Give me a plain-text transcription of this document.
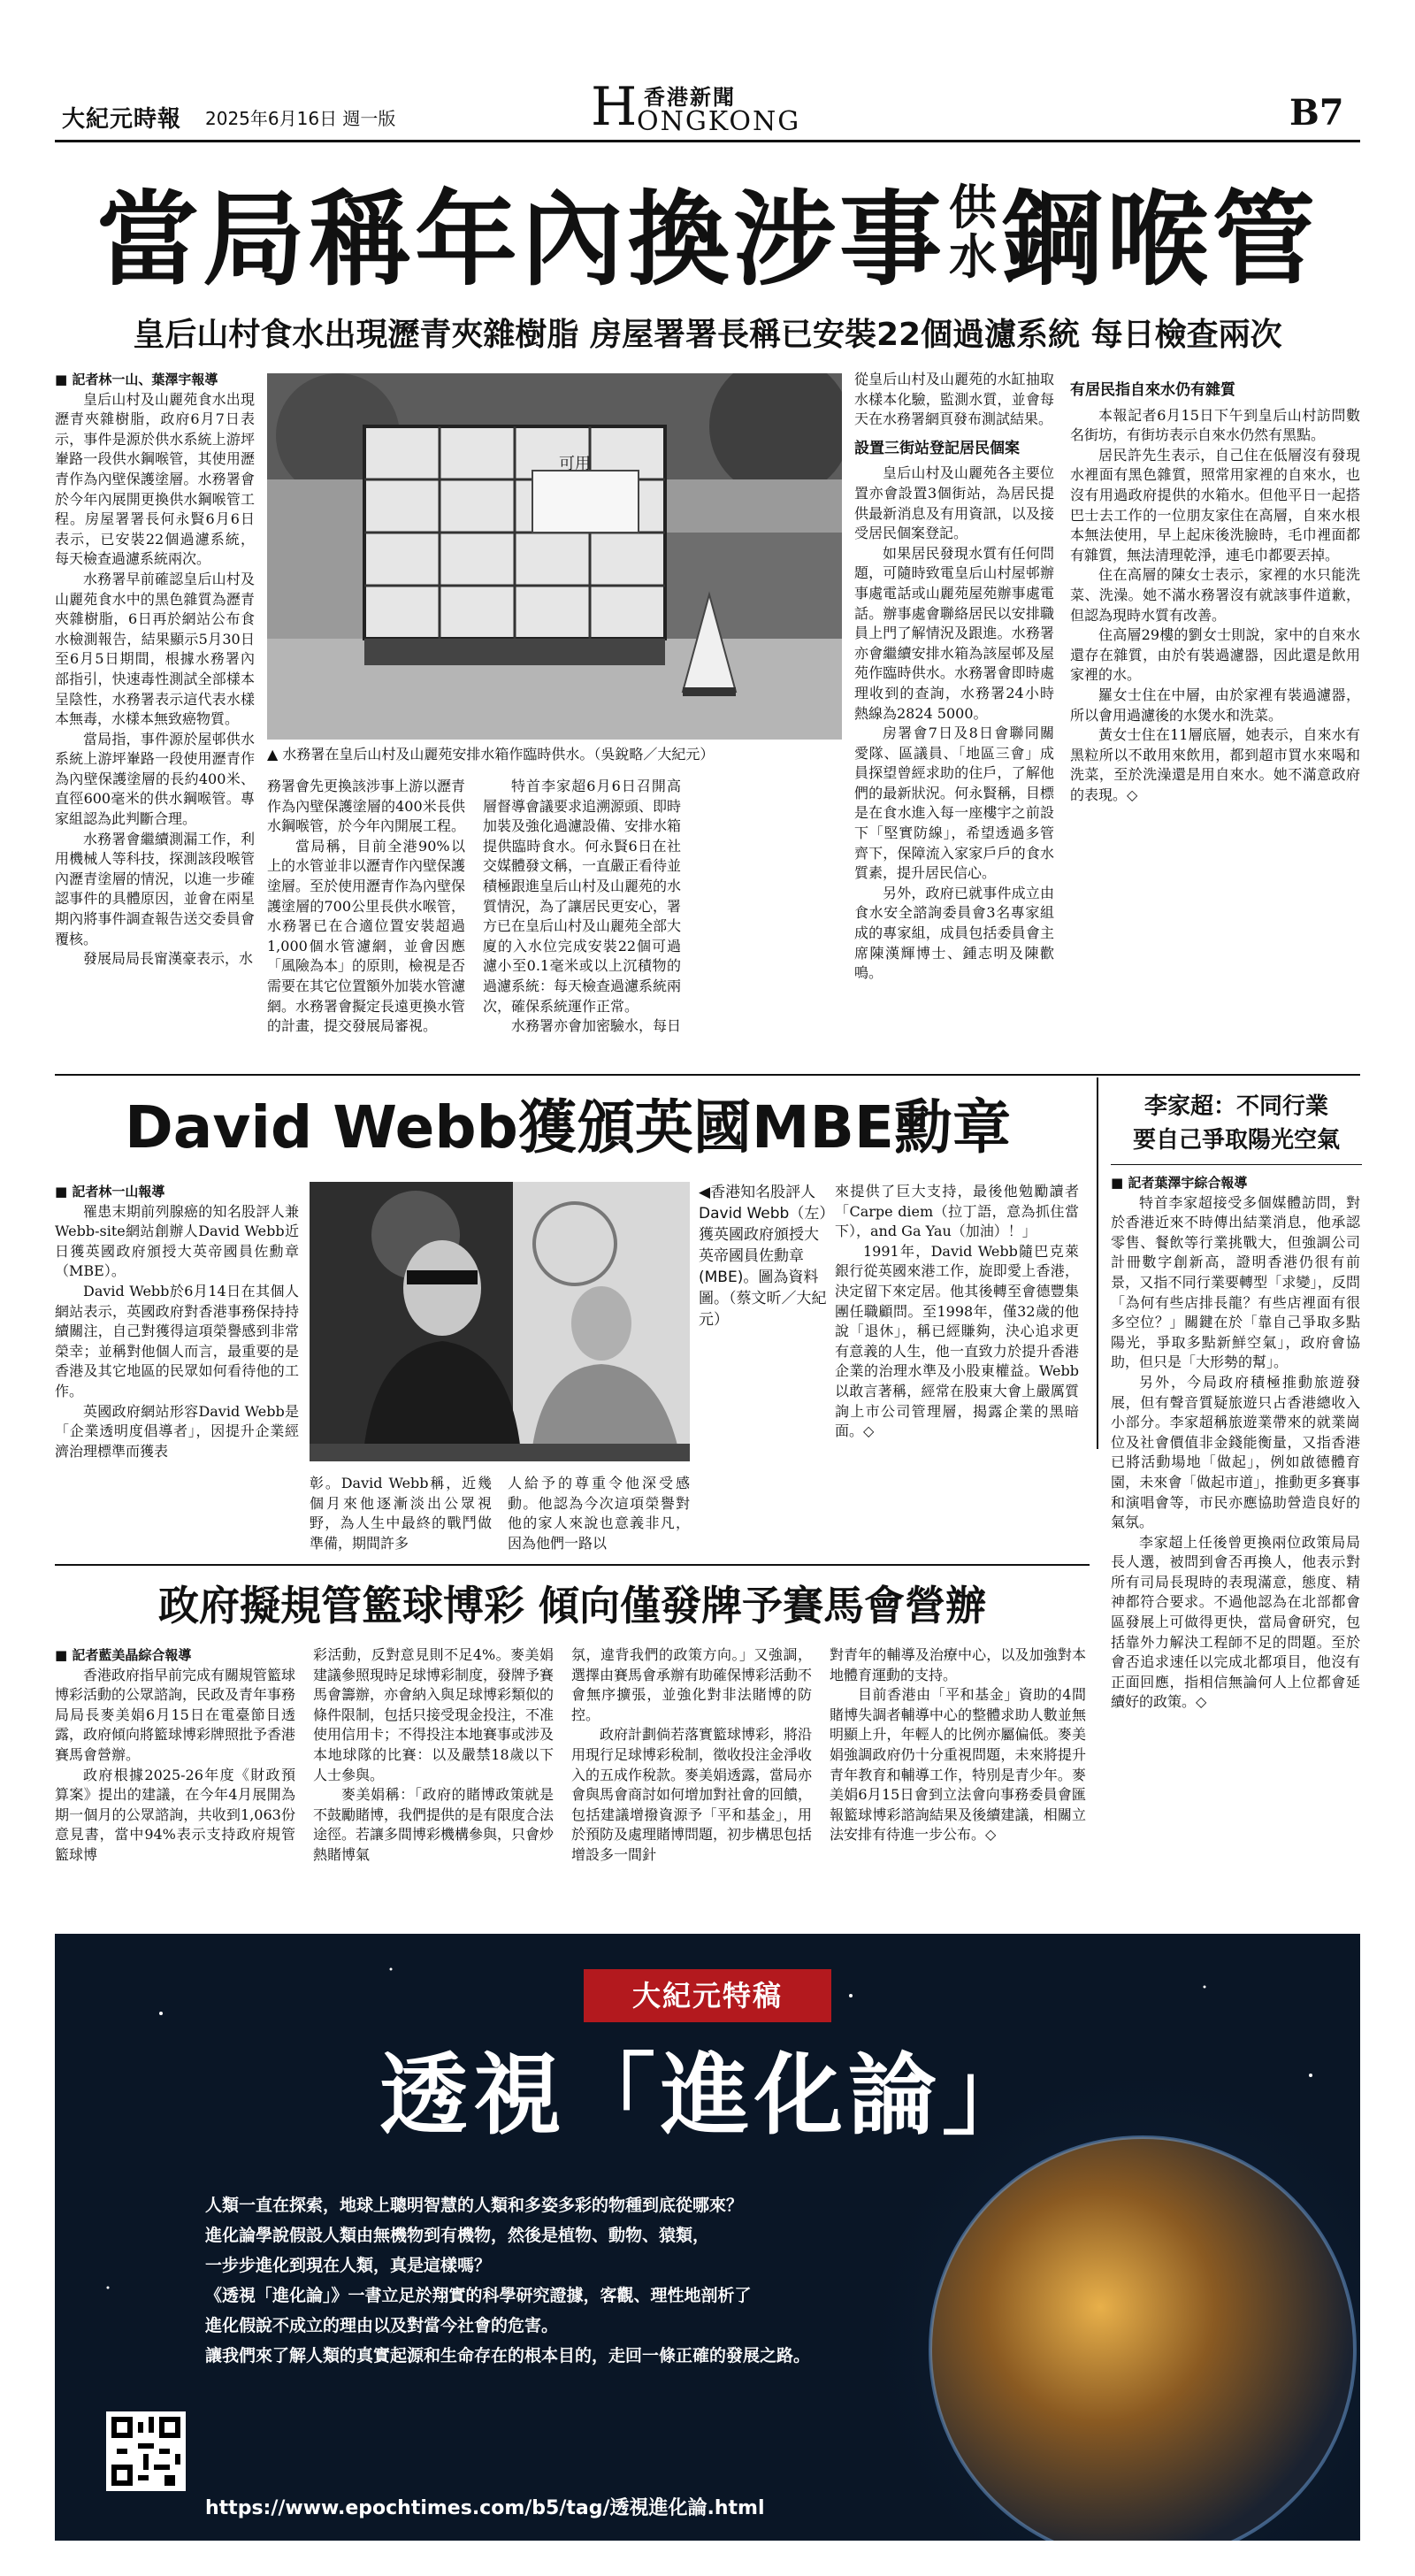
大紀元時報 2025年6月16日 週一版	H 香港新聞
ONGKONG	B7
當局稱年內換涉事 供
水 鋼喉管
皇后山村食水出現瀝青夾雜樹脂 房屋署署長稱已安裝22個過濾系統 每日檢查兩次

■ 記者林一山、葉澤宇報導

皇后山村及山麗苑食水出現瀝青夾雜樹脂，政府6月7日表示，事件是源於供水系統上游坪輋路一段供水鋼喉管，其使用瀝青作為內壁保護塗層。水務署會於今年內展開更換供水鋼喉管工程。房屋署署長何永賢6月6日表示，已安裝22個過濾系統，每天檢查過濾系統兩次。

水務署早前確認皇后山村及山麗苑食水中的黑色雜質為瀝青夾雜樹脂，6日再於網站公布食水檢測報告，結果顯示5月30日至6月5日期間，根據水務署內部指引，快速毒性測試全部樣本呈陰性，水務署表示這代表水樣本無毒，水樣本無致癌物質。

當局指，事件源於屋邨供水系統上游坪輋路一段使用瀝青作為內壁保護塗層的長約400米、直徑600毫米的供水鋼喉管。專家組認為此判斷合理。

水務署會繼續測漏工作，利用機械人等科技，探測該段喉管內瀝青塗層的情況，以進一步確認事件的具體原因，並會在兩星期內將事件調查報告送交委員會覆核。

發展局局長甯漢豪表示，水

可用
▲ 水務署在皇后山村及山麗苑安排水箱作臨時供水。（吳銳略／大紀元）

務署會先更換該涉事上游以瀝青作為內壁保護塗層的400米長供水鋼喉管，於今年內開展工程。

當局稱，目前全港90%以上的水管並非以瀝青作內壁保護塗層。至於使用瀝青作為內壁保護塗層的700公里長供水喉管，水務署已在合適位置安裝超過1,000個水管濾網，並會因應「風險為本」的原則，檢視是否需要在其它位置額外加裝水管濾網。水務署會擬定長遠更換水管的計畫，提交發展局審視。

特首李家超6月6日召開高層督導會議要求追溯源頭、即時加裝及強化過濾設備、安排水箱提供臨時食水。何永賢6日在社交媒體發文稱，一直嚴正看待並積極跟進皇后山村及山麗苑的水質情況，為了讓居民更安心，署方已在皇后山村及山麗苑全部大廈的入水位完成安裝22個可過濾小至0.1毫米或以上沉積物的過濾系統：每天檢查過濾系統兩次，確保系統運作正常。

水務署亦會加密驗水，每日

從皇后山村及山麗苑的水缸抽取水樣本化驗，監測水質，並會每天在水務署網頁發布測試結果。

設置三街站登記居民個案

皇后山村及山麗苑各主要位置亦會設置3個街站，為居民提供最新消息及有用資訊，以及接受居民個案登記。

如果居民發現水質有任何問題，可隨時致電皇后山村屋邨辦事處電話或山麗苑屋苑辦事處電話。辦事處會聯絡居民以安排職員上門了解情況及跟進。水務署亦會繼續安排水箱為該屋邨及屋苑作臨時供水。水務署會即時處理收到的查詢，水務署24小時熱線為2824 5000。

房署會7日及8日會聯同關愛隊、區議員、「地區三會」成員探望曾經求助的住戶，了解他們的最新狀況。何永賢稱，目標是在食水進入每一座樓宇之前設下「堅實防線」，希望透過多管齊下，保障流入家家戶戶的食水質素，提升居民信心。

另外，政府已就事件成立由食水安全諮詢委員會3名專家組成的專家組，成員包括委員會主席陳漢輝博士、鍾志明及陳歡鳴。

有居民指自來水仍有雜質

本報記者6月15日下午到皇后山村訪問數名街坊，有街坊表示自來水仍然有黑點。

居民許先生表示，自己住在低層沒有發現水裡面有黑色雜質，照常用家裡的自來水，也沒有用過政府提供的水箱水。但他平日一起搭巴士去工作的一位朋友家住在高層，自來水根本無法使用，早上起床後洗臉時，毛巾裡面都有雜質，無法清理乾淨，連毛巾都要丟掉。

住在高層的陳女士表示，家裡的水只能洗菜、洗澡。她不滿水務署沒有就該事件道歉，但認為現時水質有改善。

住高層29樓的劉女士則說，家中的自來水還存在雜質，由於有裝過濾器，因此還是飲用家裡的水。

羅女士住在中層，由於家裡有裝過濾器，所以會用過濾後的水煲水和洗菜。

黃女士住在11層底層，她表示，自來水有黑粒所以不敢用來飲用，都到超市買水來喝和洗菜，至於洗澡還是用自來水。她不滿意政府的表現。◇

David Webb獲頒英國MBE勳章

■ 記者林一山報導

罹患末期前列腺癌的知名股評人兼Webb-site網站創辦人David Webb近日獲英國政府頒授大英帝國員佐勳章（MBE）。

David Webb於6月14日在其個人網站表示，英國政府對香港事務保持持續關注，自己對獲得這項榮譽感到非常榮幸；並稱對他個人而言，最重要的是香港及其它地區的民眾如何看待他的工作。

英國政府網站形容David Webb是「企業透明度倡導者」，因提升企業經濟治理標準而獲表

◀香港知名股評人David Webb（左）獲英國政府頒授大英帝國員佐勳章(MBE)。圖為資料圖。（蔡文昕／大紀元）

彰。David Webb稱，近幾個月來他逐漸淡出公眾視野，為人生中最終的戰鬥做準備，期間許多

人給予的尊重令他深受感動。他認為今次這項榮譽對他的家人來說也意義非凡，因為他們一路以

來提供了巨大支持，最後他勉勵讀者「Carpe diem（拉丁語，意為抓住當下），and Ga Yau（加油）！」

1991年，David Webb隨巴克萊銀行從英國來港工作，旋即愛上香港，決定留下來定居。他其後轉至會德豐集團任職顧問。至1998年，僅32歲的他說「退休」，稱已經賺夠，決心追求更有意義的人生，他一直致力於提升香港企業的治理水準及小股東權益。Webb以敢言著稱，經常在股東大會上嚴厲質詢上市公司管理層，揭露企業的黑暗面。◇

李家超：不同行業
要自己爭取陽光空氣

■ 記者葉澤宇綜合報導

特首李家超接受多個媒體訪問，對於香港近來不時傳出結業消息，他承認零售、餐飲等行業挑戰大，但強調公司計冊數字創新高，證明香港仍很有前景，又指不同行業要轉型「求變」，反問「為何有些店排長龍？有些店裡面有很多空位？」關鍵在於「靠自己爭取多點陽光，爭取多點新鮮空氣」，政府會協助，但只是「大形勢的幫」。

另外，今局政府積極推動旅遊發展，但有聲音質疑旅遊只占香港總收入小部分。李家超稱旅遊業帶來的就業崗位及社會價值非金錢能衡量，又指香港已將活動場地「做起」，例如啟德體育園，未來會「做起市道」，推動更多賽事和演唱會等，市民亦應協助營造良好的氣氛。

李家超上任後曾更換兩位政策局局長人選，被問到會否再換人，他表示對所有司局長現時的表現滿意，態度、精神都符合要求。不過他認為在北部都會區發展上可做得更快，當局會研究，包括靠外力解決工程師不足的問題。至於會否追求速任以完成北都項目，他沒有正面回應，指相信無論何人上位都會延續好的政策。◇

政府擬規管籃球博彩 傾向僅發牌予賽馬會營辦

■ 記者藍美晶綜合報導

香港政府指早前完成有關規管籃球博彩活動的公眾諮詢，民政及青年事務局局長麥美娟6月15日在電臺節目透露，政府傾向將籃球博彩牌照批予香港賽馬會營辦。

政府根據2025-26年度《財政預算案》提出的建議，在今年4月展開為期一個月的公眾諮詢，共收到1,063份意見書，當中94%表示支持政府規管籃球博

彩活動，反對意見則不足4%。麥美娟建議參照現時足球博彩制度，發牌予賽馬會籌辦，亦會納入與足球博彩類似的條件限制，包括只接受現金投注，不准使用信用卡；不得投注本地賽事或涉及本地球隊的比賽：以及嚴禁18歲以下人士參與。

麥美娟稱：「政府的賭博政策就是不鼓勵賭博，我們提供的是有限度合法途徑。若讓多間博彩機構參與，只會炒熱賭博氣

氛，違背我們的政策方向。」又強調，選擇由賽馬會承辦有助確保博彩活動不會無序擴張，並強化對非法賭博的防控。

政府計劃倘若落實籃球博彩，將沿用現行足球博彩稅制，徵收投注金淨收入的五成作稅款。麥美娟透露，當局亦會與馬會商討如何增加對社會的回饋，包括建議增撥資源予「平和基金」，用於預防及處理賭博問題，初步構思包括增設多一間針

對青年的輔導及治療中心，以及加強對本地體育運動的支持。

目前香港由「平和基金」資助的4間賭博失調者輔導中心的整體求助人數並無明顯上升，年輕人的比例亦屬偏低。麥美娟強調政府仍十分重視問題，未來將提升青年教育和輔導工作，特別是青少年。麥美娟6月15日會到立法會向事務委員會匯報籃球博彩諮詢結果及後續建議，相關立法安排有待進一步公布。◇

大紀元特稿
透視「進化論」
人類一直在探索，地球上聰明智慧的人類和多姿多彩的物種到底從哪來？
進化論學說假設人類由無機物到有機物，然後是植物、動物、猿類，
一步步進化到現在人類，真是這樣嗎？
《透視「進化論」》一書立足於翔實的科學研究證據，客觀、理性地剖析了
進化假說不成立的理由以及對當今社會的危害。
讓我們來了解人類的真實起源和生命存在的根本目的，走回一條正確的發展之路。
https://www.epochtimes.com/b5/tag/透視進化論.html
